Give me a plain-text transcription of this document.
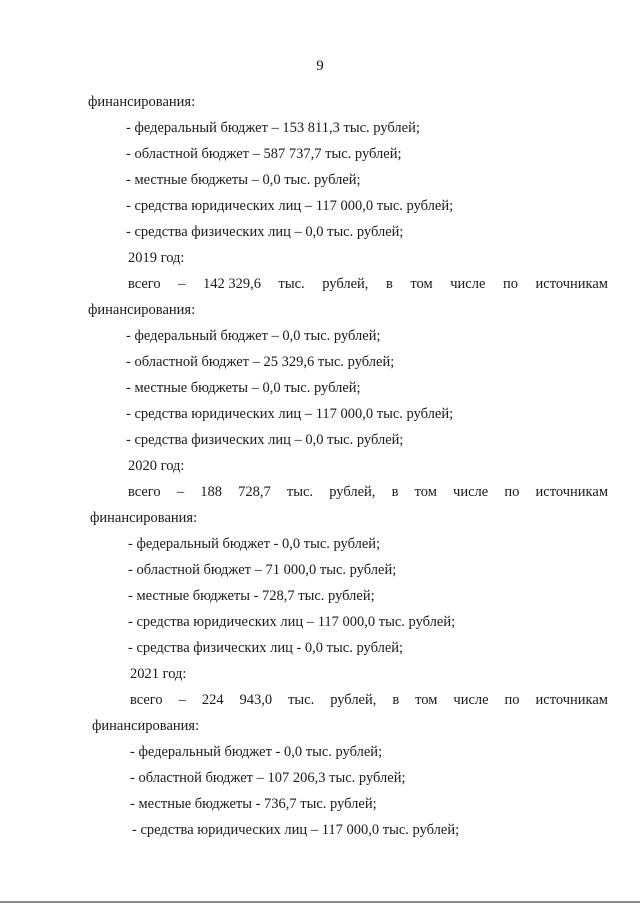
9
финансирования:
- федеральный бюджет – 153 811,3 тыс. рублей;
- областной бюджет – 587 737,7 тыс. рублей;
- местные бюджеты – 0,0 тыс. рублей;
- средства юридических лиц – 117 000,0 тыс. рублей;
- средства физических лиц – 0,0 тыс. рублей;
2019 год:
всего – 142 329,6 тыс. рублей, в том числе по источникам
финансирования:
- федеральный бюджет – 0,0 тыс. рублей;
- областной бюджет – 25 329,6 тыс. рублей;
- местные бюджеты – 0,0 тыс. рублей;
- средства юридических лиц – 117 000,0 тыс. рублей;
- средства физических лиц – 0,0 тыс. рублей;
2020 год:
всего – 188 728,7 тыс. рублей, в том числе по источникам
финансирования:
- федеральный бюджет - 0,0 тыс. рублей;
- областной бюджет – 71 000,0 тыс. рублей;
- местные бюджеты - 728,7 тыс. рублей;
- средства юридических лиц – 117 000,0 тыс. рублей;
- средства физических лиц - 0,0 тыс. рублей;
2021 год:
всего – 224 943,0 тыс. рублей, в том числе по источникам
финансирования:
- федеральный бюджет - 0,0 тыс. рублей;
- областной бюджет – 107 206,3 тыс. рублей;
- местные бюджеты - 736,7 тыс. рублей;
- средства юридических лиц – 117 000,0 тыс. рублей;
